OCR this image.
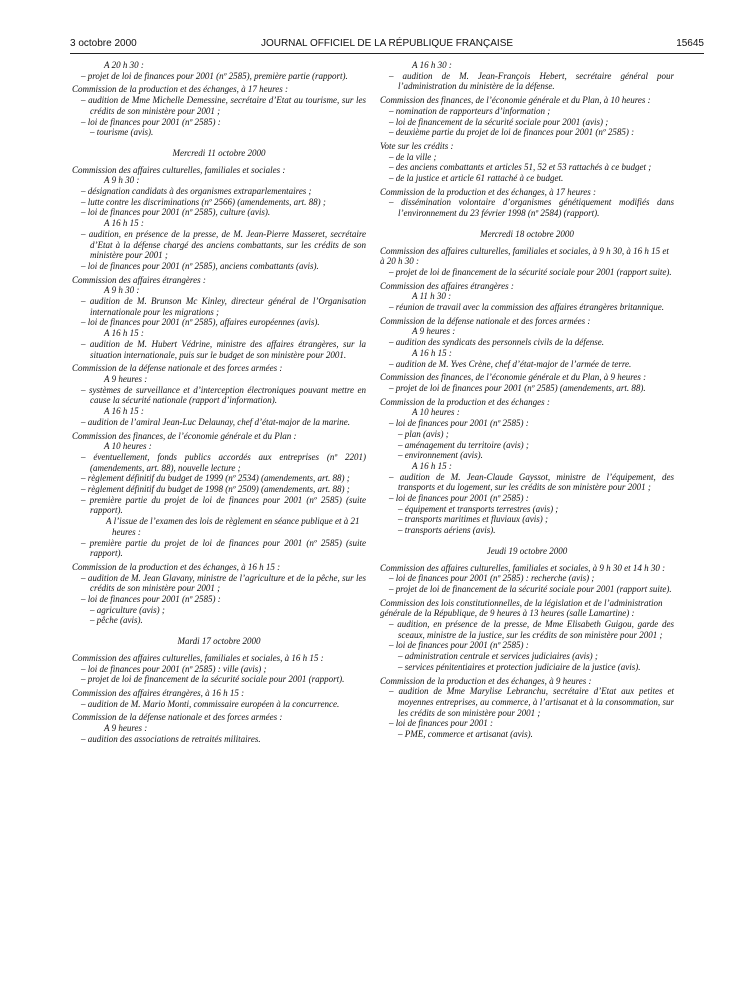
3 octobre 2000	JOURNAL OFFICIEL DE LA RÉPUBLIQUE FRANÇAISE	15645

A 20 h 30 :

– projet de loi de finances pour 2001 (nº 2585), première partie (rapport).

Commission de la production et des échanges, à 17 heures :

– audition de Mme Michelle Demessine, secrétaire d’Etat au tourisme, sur les crédits de son ministère pour 2001 ;

– loi de finances pour 2001 (nº 2585) :

– tourisme (avis).

Mercredi 11 octobre 2000

Commission des affaires culturelles, familiales et sociales :

A 9 h 30 :

– désignation candidats à des organismes extraparlementaires ;

– lutte contre les discriminations (nº 2566) (amendements, art. 88) ;

– loi de finances pour 2001 (nº 2585), culture (avis).

A 16 h 15 :

– audition, en présence de la presse, de M. Jean-Pierre Masseret, secrétaire d’Etat à la défense chargé des anciens combattants, sur les crédits de son ministère pour 2001 ;

– loi de finances pour 2001 (nº 2585), anciens combattants (avis).

Commission des affaires étrangères :

A 9 h 30 :

– audition de M. Brunson Mc Kinley, directeur général de l’Organisation internationale pour les migrations ;

– loi de finances pour 2001 (nº 2585), affaires européennes (avis).

A 16 h 15 :

– audition de M. Hubert Védrine, ministre des affaires étrangères, sur la situation internationale, puis sur le budget de son ministère pour 2001.

Commission de la défense nationale et des forces armées :

A 9 heures :

– systèmes de surveillance et d’interception électroniques pouvant mettre en cause la sécurité nationale (rapport d’information).

A 16 h 15 :

– audition de l’amiral Jean-Luc Delaunay, chef d’état-major de la marine.

Commission des finances, de l’économie générale et du Plan :

A 10 heures :

– éventuellement, fonds publics accordés aux entreprises (nº 2201) (amendements, art. 88), nouvelle lecture ;

– règlement définitif du budget de 1999 (nº 2534) (amendements, art. 88) ;

– règlement définitif du budget de 1998 (nº 2509) (amendements, art. 88) ;

– première partie du projet de loi de finances pour 2001 (nº 2585) (suite rapport).

A l’issue de l’examen des lois de règlement en séance publique et à 21 heures :

– première partie du projet de loi de finances pour 2001 (nº 2585) (suite rapport).

Commission de la production et des échanges, à 16 h 15 :

– audition de M. Jean Glavany, ministre de l’agriculture et de la pêche, sur les crédits de son ministère pour 2001 ;

– loi de finances pour 2001 (nº 2585) :

– agriculture (avis) ;

– pêche (avis).

Mardi 17 octobre 2000

Commission des affaires culturelles, familiales et sociales, à 16 h 15 :

– loi de finances pour 2001 (nº 2585) : ville (avis) ;

– projet de loi de financement de la sécurité sociale pour 2001 (rapport).

Commission des affaires étrangères, à 16 h 15 :

– audition de M. Mario Monti, commissaire européen à la concurrence.

Commission de la défense nationale et des forces armées :

A 9 heures :

– audition des associations de retraités militaires.

A 16 h 30 :

– audition de M. Jean-François Hebert, secrétaire général pour l’administration du ministère de la défense.

Commission des finances, de l’économie générale et du Plan, à 10 heures :

– nomination de rapporteurs d’information ;

– loi de financement de la sécurité sociale pour 2001 (avis) ;

– deuxième partie du projet de loi de finances pour 2001 (nº 2585) :

Vote sur les crédits :

– de la ville ;

– des anciens combattants et articles 51, 52 et 53 rattachés à ce budget ;

– de la justice et article 61 rattaché à ce budget.

Commission de la production et des échanges, à 17 heures :

– dissémination volontaire d’organismes génétiquement modifiés dans l’environnement du 23 février 1998 (nº 2584) (rapport).

Mercredi 18 octobre 2000

Commission des affaires culturelles, familiales et sociales, à 9 h 30, à 16 h 15 et à 20 h 30 :

– projet de loi de financement de la sécurité sociale pour 2001 (rapport suite).

Commission des affaires étrangères :

A 11 h 30 :

– réunion de travail avec la commission des affaires étrangères britannique.

Commission de la défense nationale et des forces armées :

A 9 heures :

– audition des syndicats des personnels civils de la défense.

A 16 h 15 :

– audition de M. Yves Crène, chef d’état-major de l’armée de terre.

Commission des finances, de l’économie générale et du Plan, à 9 heures :

– projet de loi de finances pour 2001 (nº 2585) (amendements, art. 88).

Commission de la production et des échanges :

A 10 heures :

– loi de finances pour 2001 (nº 2585) :

– plan (avis) ;

– aménagement du territoire (avis) ;

– environnement (avis).

A 16 h 15 :

– audition de M. Jean-Claude Gayssot, ministre de l’équipement, des transports et du logement, sur les crédits de son ministère pour 2001 ;

– loi de finances pour 2001 (nº 2585) :

– équipement et transports terrestres (avis) ;

– transports maritimes et fluviaux (avis) ;

– transports aériens (avis).

Jeudi 19 octobre 2000

Commission des affaires culturelles, familiales et sociales, à 9 h 30 et 14 h 30 :

– loi de finances pour 2001 (nº 2585) : recherche (avis) ;

– projet de loi de financement de la sécurité sociale pour 2001 (rapport suite).

Commission des lois constitutionnelles, de la législation et de l’administration générale de la République, de 9 heures à 13 heures (salle Lamartine) :

– audition, en présence de la presse, de Mme Elisabeth Guigou, garde des sceaux, ministre de la justice, sur les crédits de son ministère pour 2001 ;

– loi de finances pour 2001 (nº 2585) :

– administration centrale et services judiciaires (avis) ;

– services pénitentiaires et protection judiciaire de la justice (avis).

Commission de la production et des échanges, à 9 heures :

– audition de Mme Marylise Lebranchu, secrétaire d’Etat aux petites et moyennes entreprises, au commerce, à l’artisanat et à la consommation, sur les crédits de son ministère pour 2001 ;

– loi de finances pour 2001 :

– PME, commerce et artisanat (avis).
